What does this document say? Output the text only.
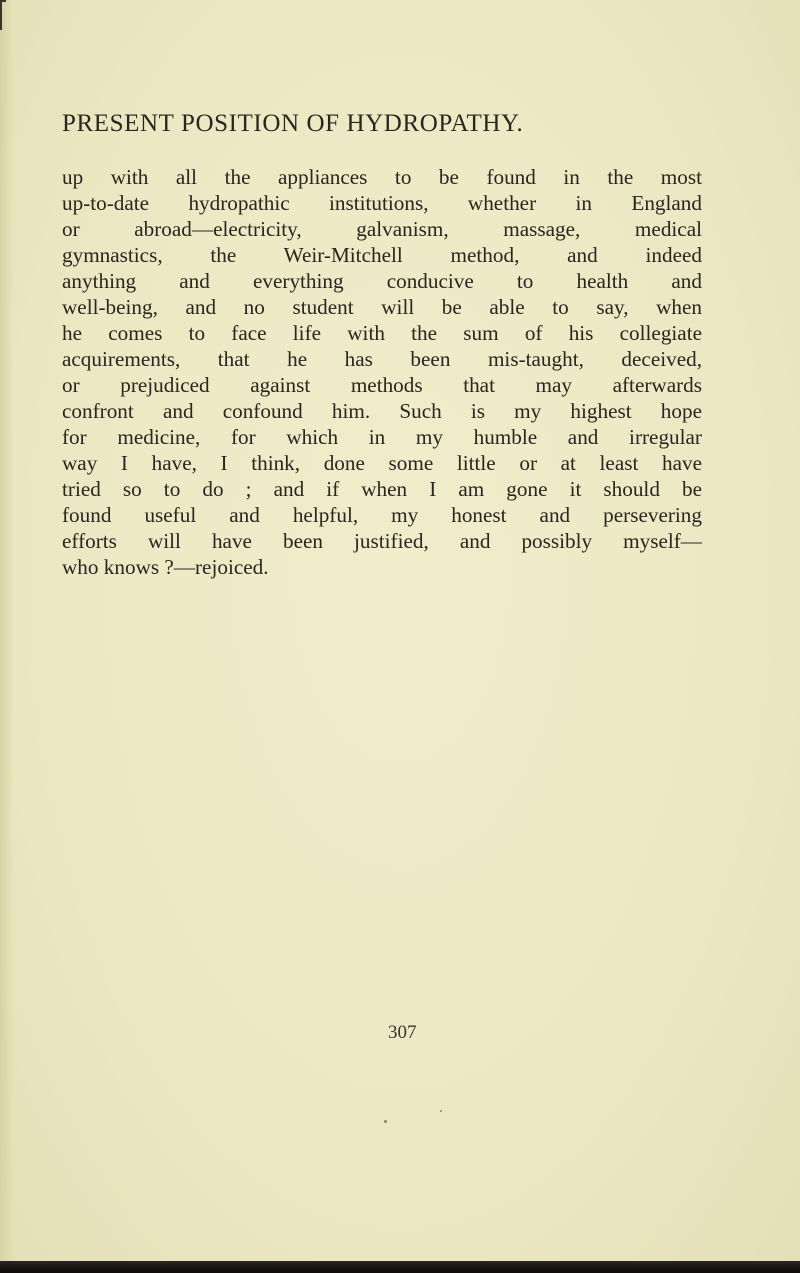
PRESENT POSITION OF HYDROPATHY.
up with all the appliances to be found in the most
up-to-date hydropathic institutions, whether in England
or abroad—electricity, galvanism, massage, medical
gymnastics, the Weir-Mitchell method, and indeed
anything and everything conducive to health and
well-being, and no student will be able to say, when
he comes to face life with the sum of his collegiate
acquirements, that he has been mis-taught, deceived,
or prejudiced against methods that may afterwards
confront and confound him. Such is my highest hope
for medicine, for which in my humble and irregular
way I have, I think, done some little or at least have
tried so to do ; and if when I am gone it should be
found useful and helpful, my honest and persevering
efforts will have been justified, and possibly myself—
who knows ?—rejoiced.
307
